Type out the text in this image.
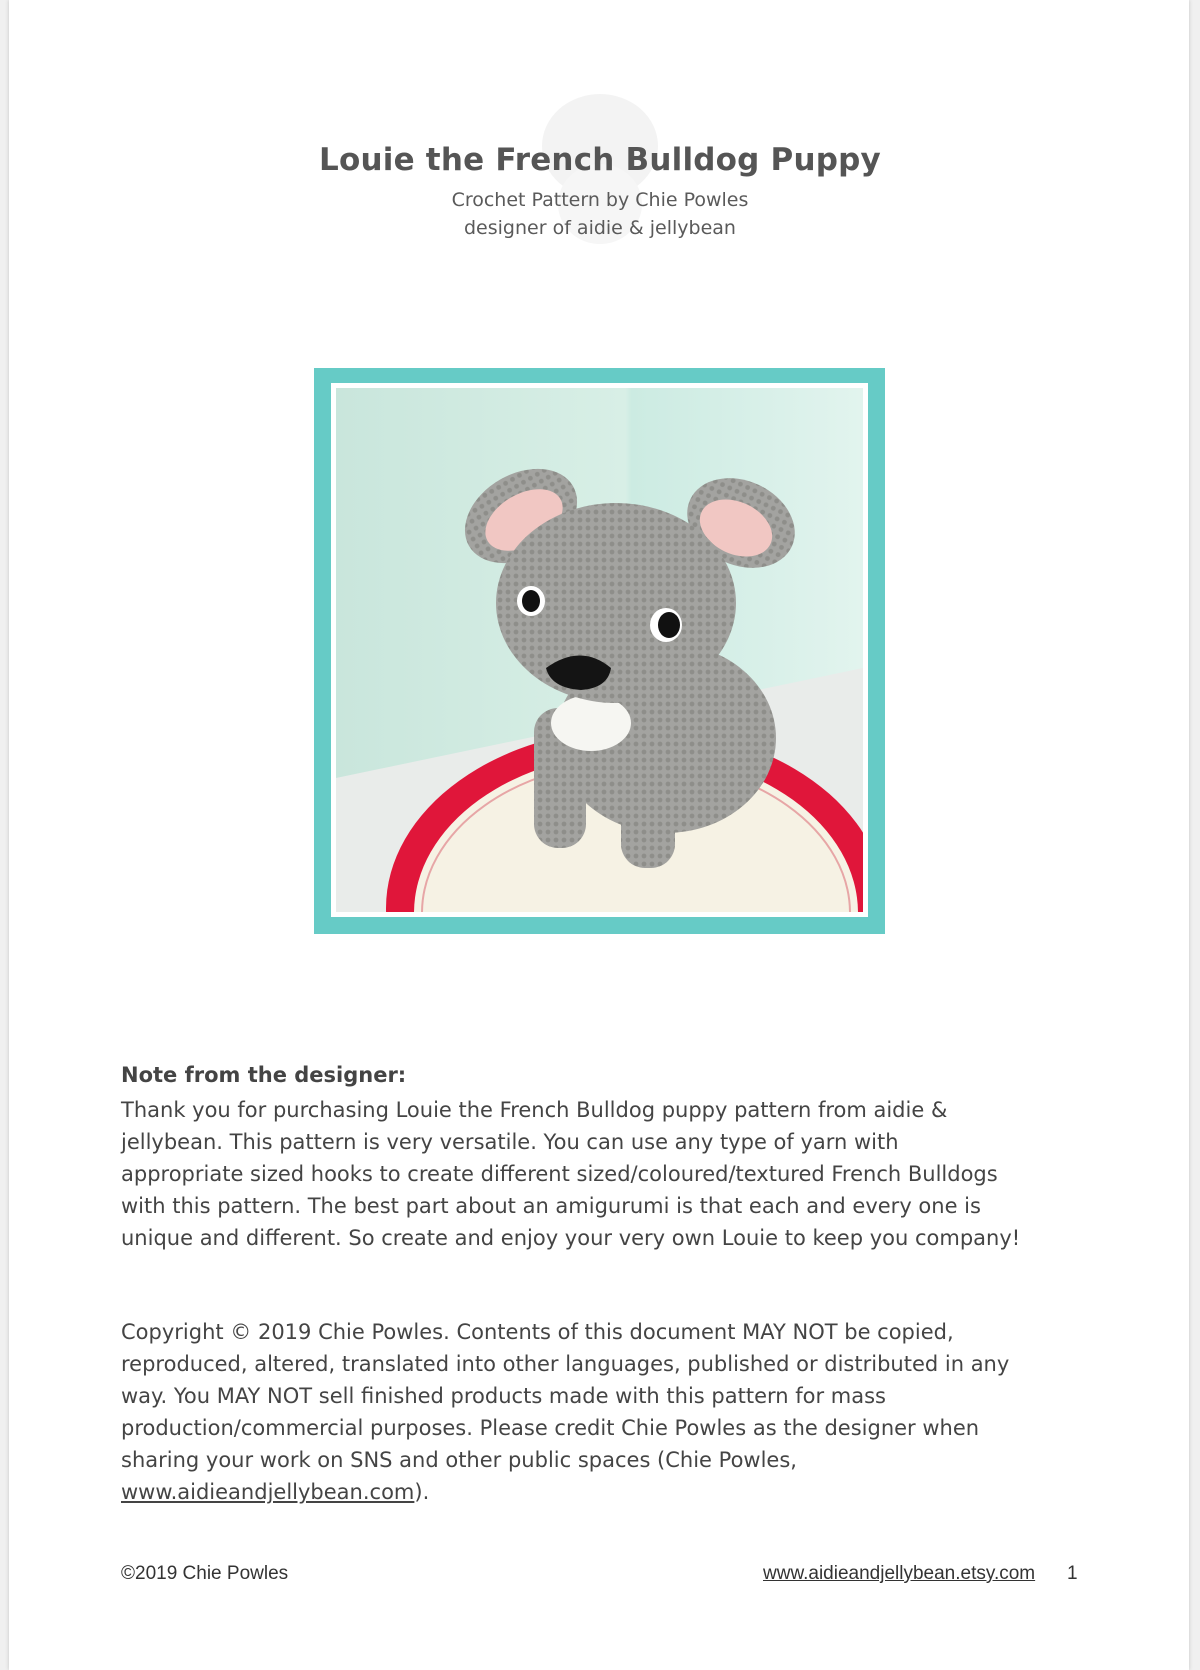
Louie the French Bulldog Puppy
Crochet Pattern by Chie Powles
designer of aidie & jellybean
Note from the designer:

Thank you for purchasing Louie the French Bulldog puppy pattern from aidie & jellybean. This pattern is very versatile. You can use any type of yarn with appropriate sized hooks to create different sized/coloured/textured French Bulldogs with this pattern. The best part about an amigurumi is that each and every one is unique and different. So create and enjoy your very own Louie to keep you company!

Copyright © 2019 Chie Powles. Contents of this document MAY NOT be copied, reproduced, altered, translated into other languages, published or distributed in any way. You MAY NOT sell finished products made with this pattern for mass production/commercial purposes. Please credit Chie Powles as the designer when sharing your work on SNS and other public spaces (Chie Powles, www.aidieandjellybean.com).

©2019 Chie Powles	www.aidieandjellybean.etsy.com 1
